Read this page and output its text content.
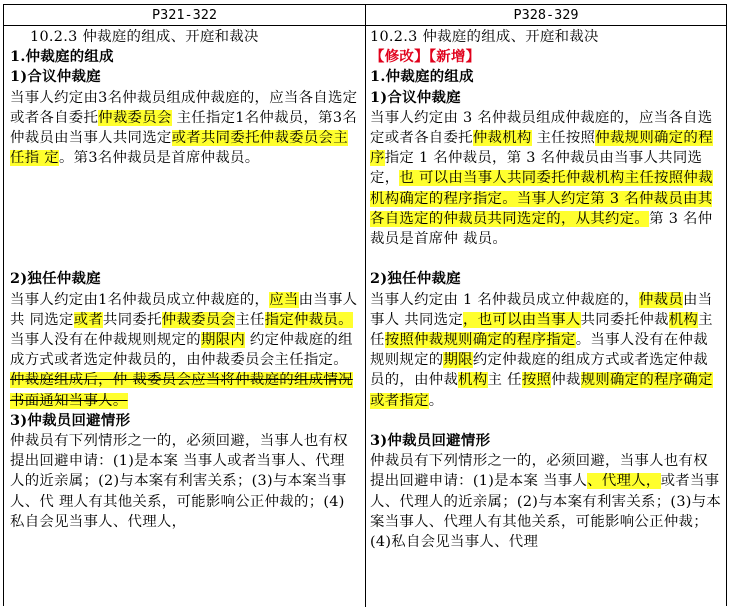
P321-322	P328-329

10.2.3 仲裁庭的组成、开庭和裁决

1.仲裁庭的组成

1)合议仲裁庭

当事人约定由3名仲裁员组成仲裁庭的，应当各自选定或者各自委托仲裁委员会 主任指定1名仲裁员，第3名仲裁员由当事人共同选定或者共同委托仲裁委员会主任指 定。第3名仲裁员是首席仲裁员。

2)独任仲裁庭

当事人约定由1名仲裁员成立仲裁庭的，应当由当事人共 同选定或者共同委托仲裁委员会主任指定仲裁员。当事人没有在仲裁规则规定的期限内 约定仲裁庭的组成方式或者选定仲裁员的，由仲裁委员会主任指定。仲裁庭组成后，仲 裁委员会应当将仲裁庭的组成情况书面通知当事人。

3)仲裁员回避情形

仲裁员有下列情形之一的，必须回避，当事人也有权提出回避申请：(1)是本案 当事人或者当事人、代理人的近亲属；(2)与本案有利害关系；(3)与本案当事人、代 理人有其他关系，可能影响公正仲裁的；(4)私自会见当事人、代理人，

10.2.3 仲裁庭的组成、开庭和裁决

【修改】【新增】

1.仲裁庭的组成

1)合议仲裁庭

当事人约定由 3 名仲裁员组成仲裁庭的，应当各自选定或者各自委托仲裁机构 主任按照仲裁规则确定的程序指定 1 名仲裁员，第 3 名仲裁员由当事人共同选定，也 可以由当事人共同委托仲裁机构主任按照仲裁机构确定的程序指定。当事人约定第 3 名仲裁员由其各自选定的仲裁员共同选定的，从其约定。第 3 名仲裁员是首席仲 裁员。

2)独任仲裁庭

当事人约定由 1 名仲裁员成立仲裁庭的，仲裁员由当事人 共同选定，也可以由当事人共同委托仲裁机构主任按照仲裁规则确定的程序指定。当事人没有在仲裁规则规定的期限约定仲裁庭的组成方式或者选定仲裁员的，由仲裁机构主 任按照仲裁规则确定的程序确定或者指定。

3)仲裁员回避情形

仲裁员有下列情形之一的，必须回避，当事人也有权提出回避申请：(1)是本案 当事人、代理人，或者当事人、代理人的近亲属；(2)与本案有利害关系；(3)与本案当事人、代理人有其他关系，可能影响公正仲裁；(4)私自会见当事人、代理
